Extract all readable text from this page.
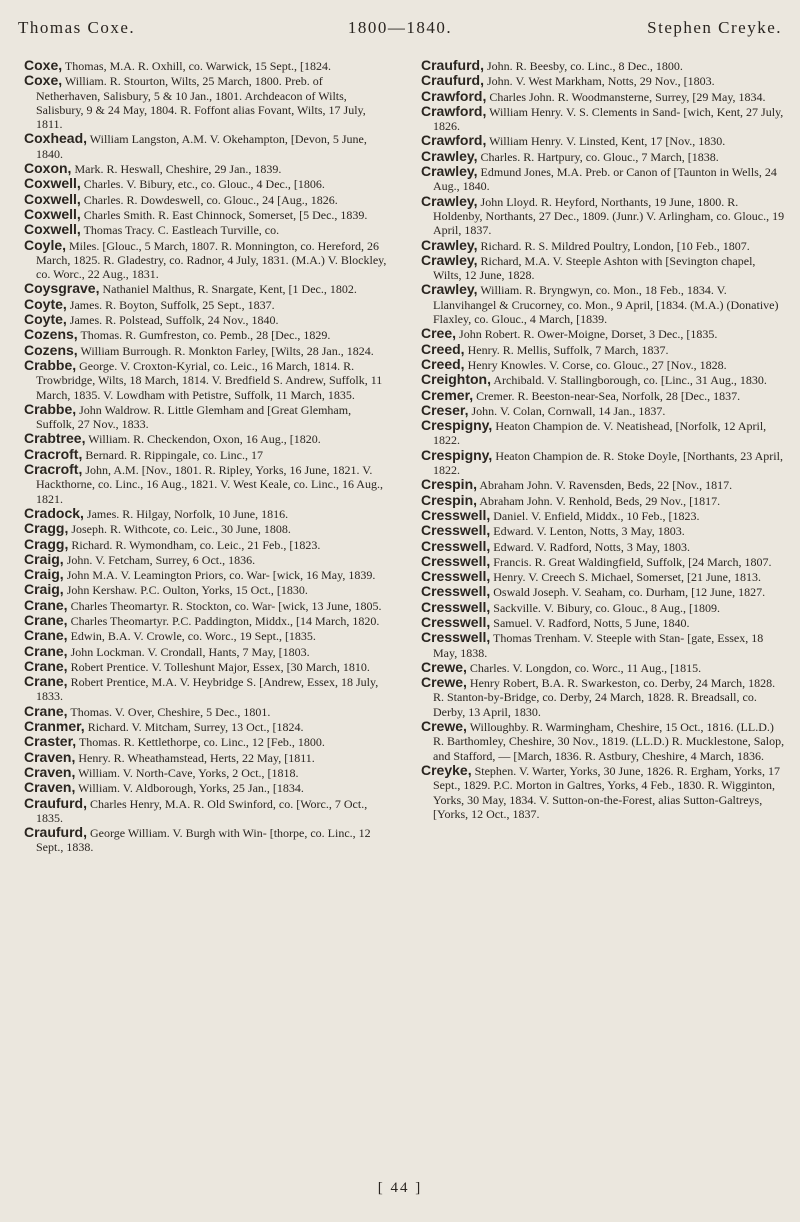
Thomas Coxe.	1800—1840.	Stephen Creyke.

Coxe, Thomas, M.A. R. Oxhill, co. Warwick, 15 Sept., [1824.

Coxe, William. R. Stourton, Wilts, 25 March, 1800. Preb. of Netherhaven, Salisbury, 5 & 10 Jan., 1801. Archdeacon of Wilts, Salisbury, 9 & 24 May, 1804. R. Foffont alias Fovant, Wilts, 17 July, 1811.

Coxhead, William Langston, A.M. V. Okehampton, [Devon, 5 June, 1840.

Coxon, Mark. R. Heswall, Cheshire, 29 Jan., 1839.

Coxwell, Charles. V. Bibury, etc., co. Glouc., 4 Dec., [1806.

Coxwell, Charles. R. Dowdeswell, co. Glouc., 24 [Aug., 1826.

Coxwell, Charles Smith. R. East Chinnock, Somerset, [5 Dec., 1839.

Coxwell, Thomas Tracy. C. Eastleach Turville, co.

Coyle, Miles. [Glouc., 5 March, 1807. R. Monnington, co. Hereford, 26 March, 1825. R. Gladestry, co. Radnor, 4 July, 1831. (M.A.) V. Blockley, co. Worc., 22 Aug., 1831.

Coysgrave, Nathaniel Malthus, R. Snargate, Kent, [1 Dec., 1802.

Coyte, James. R. Boyton, Suffolk, 25 Sept., 1837.

Coyte, James. R. Polstead, Suffolk, 24 Nov., 1840.

Cozens, Thomas. R. Gumfreston, co. Pemb., 28 [Dec., 1829.

Cozens, William Burrough. R. Monkton Farley, [Wilts, 28 Jan., 1824.

Crabbe, George. V. Croxton-Kyrial, co. Leic., 16 March, 1814. R. Trowbridge, Wilts, 18 March, 1814. V. Bredfield S. Andrew, Suffolk, 11 March, 1835. V. Lowdham with Petistre, Suffolk, 11 March, 1835.

Crabbe, John Waldrow. R. Little Glemham and [Great Glemham, Suffolk, 27 Nov., 1833.

Crabtree, William. R. Checkendon, Oxon, 16 Aug., [1820.

Cracroft, Bernard. R. Rippingale, co. Linc., 17

Cracroft, John, A.M. [Nov., 1801. R. Ripley, Yorks, 16 June, 1821. V. Hackthorne, co. Linc., 16 Aug., 1821. V. West Keale, co. Linc., 16 Aug., 1821.

Cradock, James. R. Hilgay, Norfolk, 10 June, 1816.

Cragg, Joseph. R. Withcote, co. Leic., 30 June, 1808.

Cragg, Richard. R. Wymondham, co. Leic., 21 Feb., [1823.

Craig, John. V. Fetcham, Surrey, 6 Oct., 1836.

Craig, John M.A. V. Leamington Priors, co. War- [wick, 16 May, 1839.

Craig, John Kershaw. P.C. Oulton, Yorks, 15 Oct., [1830.

Crane, Charles Theomartyr. R. Stockton, co. War- [wick, 13 June, 1805.

Crane, Charles Theomartyr. P.C. Paddington, Middx., [14 March, 1820.

Crane, Edwin, B.A. V. Crowle, co. Worc., 19 Sept., [1835.

Crane, John Lockman. V. Crondall, Hants, 7 May, [1803.

Crane, Robert Prentice. V. Tolleshunt Major, Essex, [30 March, 1810.

Crane, Robert Prentice, M.A. V. Heybridge S. [Andrew, Essex, 18 July, 1833.

Crane, Thomas. V. Over, Cheshire, 5 Dec., 1801.

Cranmer, Richard. V. Mitcham, Surrey, 13 Oct., [1824.

Craster, Thomas. R. Kettlethorpe, co. Linc., 12 [Feb., 1800.

Craven, Henry. R. Wheathamstead, Herts, 22 May, [1811.

Craven, William. V. North-Cave, Yorks, 2 Oct., [1818.

Craven, William. V. Aldborough, Yorks, 25 Jan., [1834.

Craufurd, Charles Henry, M.A. R. Old Swinford, co. [Worc., 7 Oct., 1835.

Craufurd, George William. V. Burgh with Win- [thorpe, co. Linc., 12 Sept., 1838.

Craufurd, John. R. Beesby, co. Linc., 8 Dec., 1800.

Craufurd, John. V. West Markham, Notts, 29 Nov., [1803.

Crawford, Charles John. R. Woodmansterne, Surrey, [29 May, 1834.

Crawford, William Henry. V. S. Clements in Sand- [wich, Kent, 27 July, 1826.

Crawford, William Henry. V. Linsted, Kent, 17 [Nov., 1830.

Crawley, Charles. R. Hartpury, co. Glouc., 7 March, [1838.

Crawley, Edmund Jones, M.A. Preb. or Canon of [Taunton in Wells, 24 Aug., 1840.

Crawley, John Lloyd. R. Heyford, Northants, 19 June, 1800. R. Holdenby, Northants, 27 Dec., 1809. (Junr.) V. Arlingham, co. Glouc., 19 April, 1837.

Crawley, Richard. R. S. Mildred Poultry, London, [10 Feb., 1807.

Crawley, Richard, M.A. V. Steeple Ashton with [Sevington chapel, Wilts, 12 June, 1828.

Crawley, William. R. Bryngwyn, co. Mon., 18 Feb., 1834. V. Llanvihangel & Crucorney, co. Mon., 9 April, [1834. (M.A.) (Donative) Flaxley, co. Glouc., 4 March, [1839.

Cree, John Robert. R. Ower-Moigne, Dorset, 3 Dec., [1835.

Creed, Henry. R. Mellis, Suffolk, 7 March, 1837.

Creed, Henry Knowles. V. Corse, co. Glouc., 27 [Nov., 1828.

Creighton, Archibald. V. Stallingborough, co. [Linc., 31 Aug., 1830.

Cremer, Cremer. R. Beeston-near-Sea, Norfolk, 28 [Dec., 1837.

Creser, John. V. Colan, Cornwall, 14 Jan., 1837.

Crespigny, Heaton Champion de. V. Neatishead, [Norfolk, 12 April, 1822.

Crespigny, Heaton Champion de. R. Stoke Doyle, [Northants, 23 April, 1822.

Crespin, Abraham John. V. Ravensden, Beds, 22 [Nov., 1817.

Crespin, Abraham John. V. Renhold, Beds, 29 Nov., [1817.

Cresswell, Daniel. V. Enfield, Middx., 10 Feb., [1823.

Cresswell, Edward. V. Lenton, Notts, 3 May, 1803.

Cresswell, Edward. V. Radford, Notts, 3 May, 1803.

Cresswell, Francis. R. Great Waldingfield, Suffolk, [24 March, 1807.

Cresswell, Henry. V. Creech S. Michael, Somerset, [21 June, 1813.

Cresswell, Oswald Joseph. V. Seaham, co. Durham, [12 June, 1827.

Cresswell, Sackville. V. Bibury, co. Glouc., 8 Aug., [1809.

Cresswell, Samuel. V. Radford, Notts, 5 June, 1840.

Cresswell, Thomas Trenham. V. Steeple with Stan- [gate, Essex, 18 May, 1838.

Crewe, Charles. V. Longdon, co. Worc., 11 Aug., [1815.

Crewe, Henry Robert, B.A. R. Swarkeston, co. Derby, 24 March, 1828. R. Stanton-by-Bridge, co. Derby, 24 March, 1828. R. Breadsall, co. Derby, 13 April, 1830.

Crewe, Willoughby. R. Warmingham, Cheshire, 15 Oct., 1816. (LL.D.) R. Barthomley, Cheshire, 30 Nov., 1819. (LL.D.) R. Mucklestone, Salop, and Stafford, — [March, 1836. R. Astbury, Cheshire, 4 March, 1836.

Creyke, Stephen. V. Warter, Yorks, 30 June, 1826. R. Ergham, Yorks, 17 Sept., 1829. P.C. Morton in Galtres, Yorks, 4 Feb., 1830. R. Wigginton, Yorks, 30 May, 1834. V. Sutton-on-the-Forest, alias Sutton-Galtreys, [Yorks, 12 Oct., 1837.

[ 44 ]
